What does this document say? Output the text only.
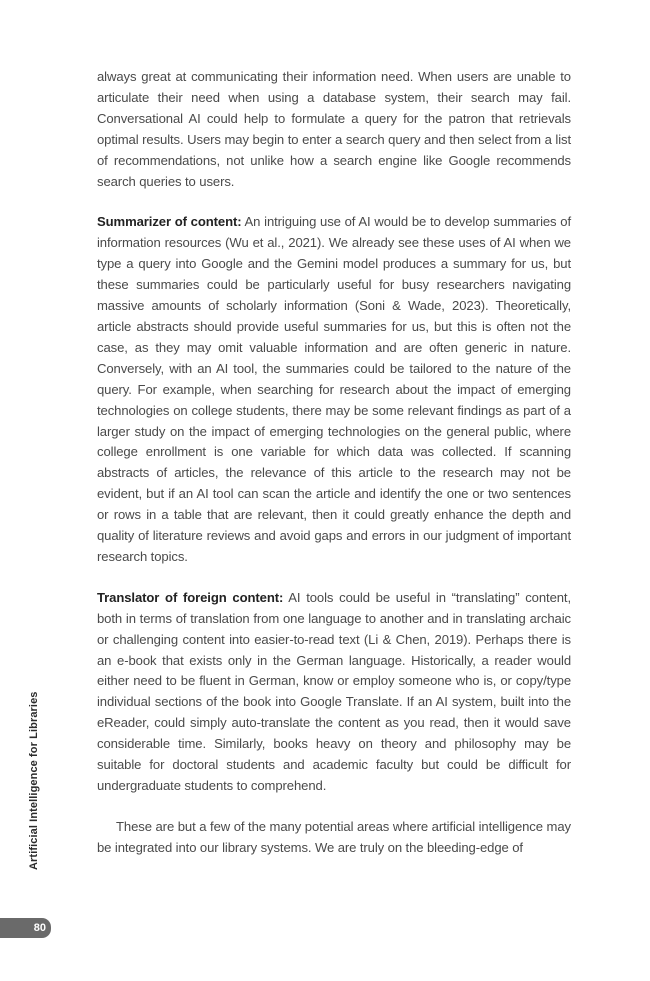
always great at communicating their information need. When users are unable to articulate their need when using a database system, their search may fail. Conversational AI could help to formulate a query for the patron that retrievals optimal results. Users may begin to enter a search query and then select from a list of recommendations, not unlike how a search engine like Google recommends search queries to users.

Summarizer of content: An intriguing use of AI would be to develop summaries of information resources (Wu et al., 2021). We already see these uses of AI when we type a query into Google and the Gemini model produces a summary for us, but these summaries could be particularly useful for busy researchers navigating massive amounts of scholarly information (Soni & Wade, 2023). Theoretically, article abstracts should provide useful summaries for us, but this is often not the case, as they may omit valuable information and are often generic in nature. Conversely, with an AI tool, the summaries could be tailored to the nature of the query. For example, when searching for research about the impact of emerging technologies on college students, there may be some relevant findings as part of a larger study on the impact of emerging technologies on the general public, where college enrollment is one variable for which data was collected. If scanning abstracts of articles, the relevance of this article to the research may not be evident, but if an AI tool can scan the article and identify the one or two sentences or rows in a table that are relevant, then it could greatly enhance the depth and quality of literature reviews and avoid gaps and errors in our judgment of important research topics.

Translator of foreign content: AI tools could be useful in “translating” content, both in terms of translation from one language to another and in translating archaic or challenging content into easier-to-read text (Li & Chen, 2019). Perhaps there is an e-book that exists only in the German language. Historically, a reader would either need to be fluent in German, know or employ someone who is, or copy/type individual sections of the book into Google Translate. If an AI system, built into the eReader, could simply auto-translate the content as you read, then it would save considerable time. Similarly, books heavy on theory and philosophy may be suitable for doctoral students and academic faculty but could be difficult for undergraduate students to comprehend.

These are but a few of the many potential areas where artificial intelligence may be integrated into our library systems. We are truly on the bleeding-edge of

Artificial Intelligence for Libraries
80
